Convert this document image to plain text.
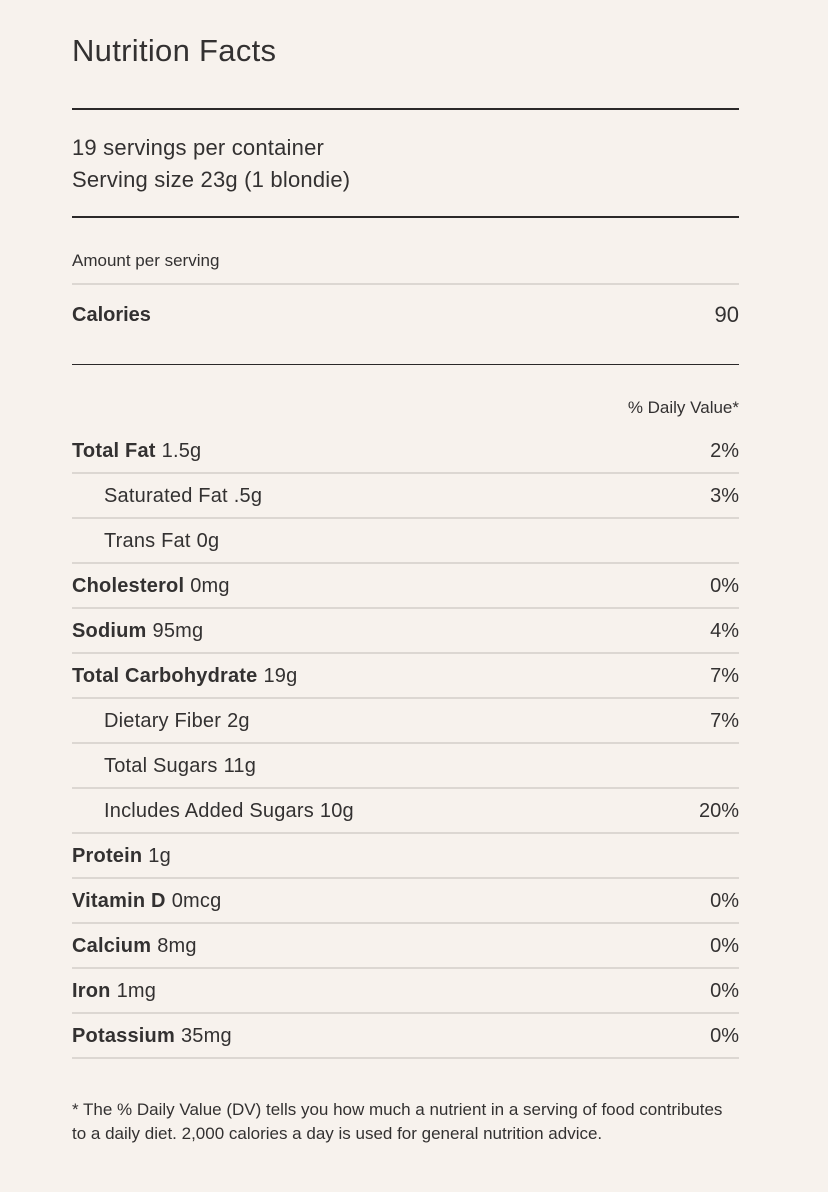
Nutrition Facts
19 servings per container
Serving size 23g (1 blondie)
Amount per serving
Calories	90
% Daily Value*
Total Fat 1.5g	2%
Saturated Fat .5g	3%
Trans Fat 0g
Cholesterol 0mg	0%
Sodium 95mg	4%
Total Carbohydrate 19g	7%
Dietary Fiber 2g	7%
Total Sugars 11g
Includes Added Sugars 10g	20%
Protein 1g
Vitamin D 0mcg	0%
Calcium 8mg	0%
Iron 1mg	0%
Potassium 35mg	0%
* The % Daily Value (DV) tells you how much a nutrient in a serving of food contributes to a daily diet. 2,000 calories a day is used for general nutrition advice.
